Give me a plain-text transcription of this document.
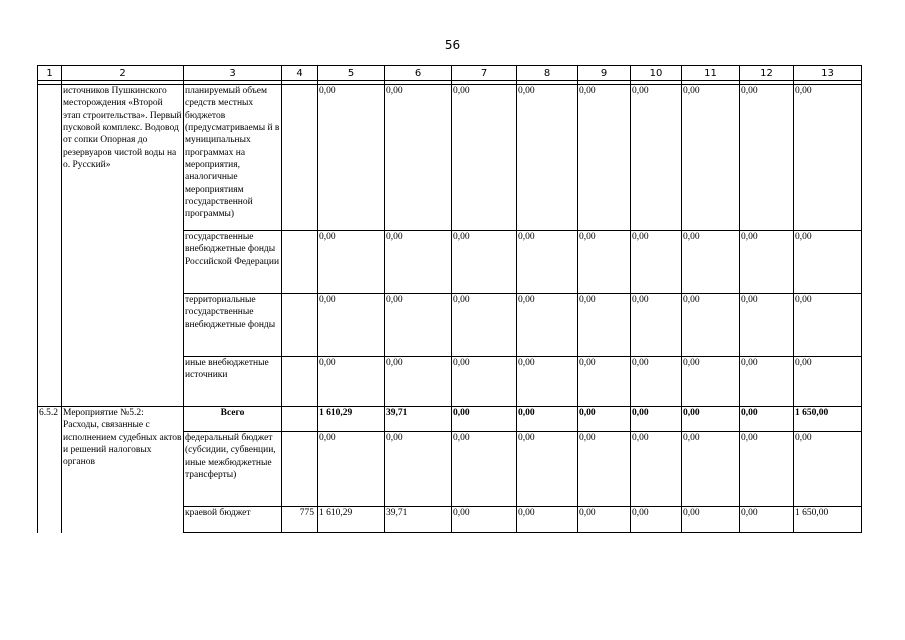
56
1	2	3	4	5	6	7	8	9	10	11	12	13

	источников Пушкинского месторождения «Второй этап строительства». Первый пусковой комплекс. Водовод от сопки Опорная до резервуаров чистой воды на о. Русский»	планируемый объем средств местных бюджетов (предусматриваемы й в муниципальных программах на мероприятия, аналогичные мероприятиям государственной программы)		0,00	0,00	0,00	0,00	0,00	0,00	0,00	0,00	0,00
		государственные внебюджетные фонды Российской Федерации		0,00	0,00	0,00	0,00	0,00	0,00	0,00	0,00	0,00
		территориальные государственные внебюджетные фонды		0,00	0,00	0,00	0,00	0,00	0,00	0,00	0,00	0,00
		иные внебюджетные источники		0,00	0,00	0,00	0,00	0,00	0,00	0,00	0,00	0,00
6.5.2	Мероприятие №5.2: Расходы, связанные с исполнением судебных актов и решений налоговых органов	Всего		1 610,29	39,71	0,00	0,00	0,00	0,00	0,00	0,00	1 650,00
		федеральный бюджет (субсидии, субвенции, иные межбюджетные трансферты)		0,00	0,00	0,00	0,00	0,00	0,00	0,00	0,00	0,00
		краевой бюджет	775	1 610,29	39,71	0,00	0,00	0,00	0,00	0,00	0,00	1 650,00
